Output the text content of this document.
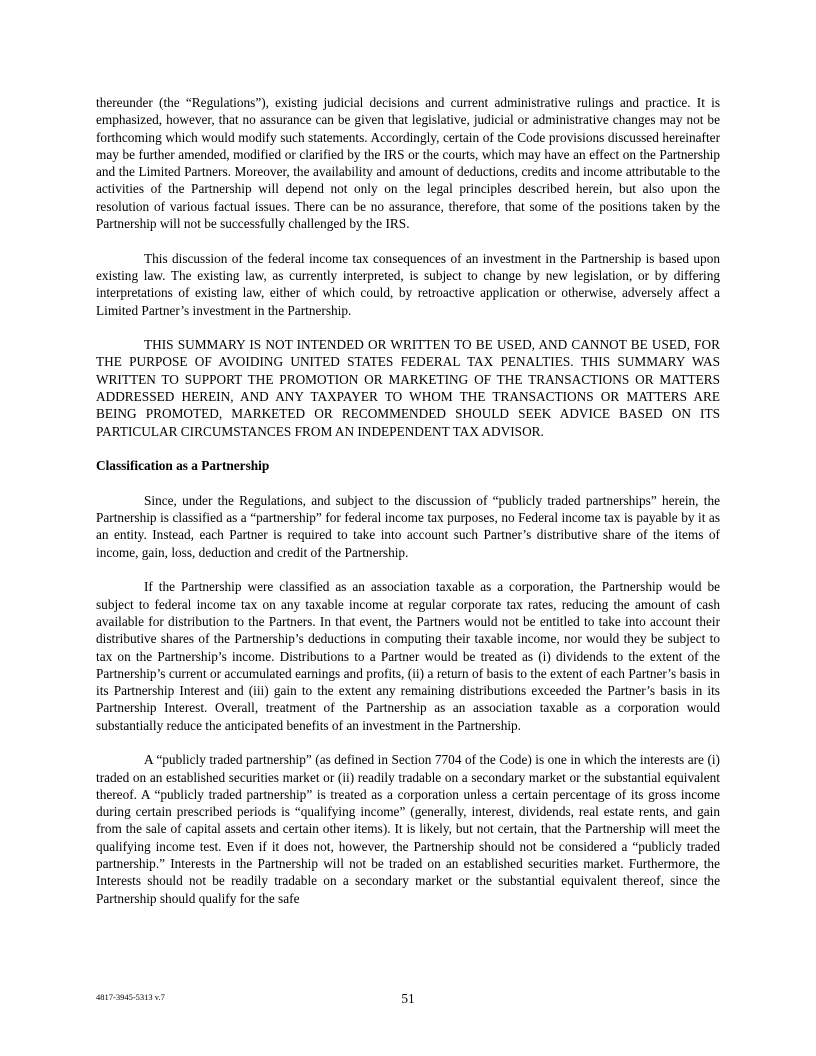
thereunder (the “Regulations”), existing judicial decisions and current administrative rulings and practice. It is emphasized, however, that no assurance can be given that legislative, judicial or administrative changes may not be forthcoming which would modify such statements. Accordingly, certain of the Code provisions discussed hereinafter may be further amended, modified or clarified by the IRS or the courts, which may have an effect on the Partnership and the Limited Partners. Moreover, the availability and amount of deductions, credits and income attributable to the activities of the Partnership will depend not only on the legal principles described herein, but also upon the resolution of various factual issues. There can be no assurance, therefore, that some of the positions taken by the Partnership will not be successfully challenged by the IRS.

This discussion of the federal income tax consequences of an investment in the Partnership is based upon existing law. The existing law, as currently interpreted, is subject to change by new legislation, or by differing interpretations of existing law, either of which could, by retroactive application or otherwise, adversely affect a Limited Partner’s investment in the Partnership.

THIS SUMMARY IS NOT INTENDED OR WRITTEN TO BE USED, AND CANNOT BE USED, FOR THE PURPOSE OF AVOIDING UNITED STATES FEDERAL TAX PENALTIES. THIS SUMMARY WAS WRITTEN TO SUPPORT THE PROMOTION OR MARKETING OF THE TRANSACTIONS OR MATTERS ADDRESSED HEREIN, AND ANY TAXPAYER TO WHOM THE TRANSACTIONS OR MATTERS ARE BEING PROMOTED, MARKETED OR RECOMMENDED SHOULD SEEK ADVICE BASED ON ITS PARTICULAR CIRCUMSTANCES FROM AN INDEPENDENT TAX ADVISOR.

Classification as a Partnership

Since, under the Regulations, and subject to the discussion of “publicly traded partnerships” herein, the Partnership is classified as a “partnership” for federal income tax purposes, no Federal income tax is payable by it as an entity. Instead, each Partner is required to take into account such Partner’s distributive share of the items of income, gain, loss, deduction and credit of the Partnership.

If the Partnership were classified as an association taxable as a corporation, the Partnership would be subject to federal income tax on any taxable income at regular corporate tax rates, reducing the amount of cash available for distribution to the Partners. In that event, the Partners would not be entitled to take into account their distributive shares of the Partnership’s deductions in computing their taxable income, nor would they be subject to tax on the Partnership’s income. Distributions to a Partner would be treated as (i) dividends to the extent of the Partnership’s current or accumulated earnings and profits, (ii) a return of basis to the extent of each Partner’s basis in its Partnership Interest and (iii) gain to the extent any remaining distributions exceeded the Partner’s basis in its Partnership Interest. Overall, treatment of the Partnership as an association taxable as a corporation would substantially reduce the anticipated benefits of an investment in the Partnership.

A “publicly traded partnership” (as defined in Section 7704 of the Code) is one in which the interests are (i) traded on an established securities market or (ii) readily tradable on a secondary market or the substantial equivalent thereof. A “publicly traded partnership” is treated as a corporation unless a certain percentage of its gross income during certain prescribed periods is “qualifying income” (generally, interest, dividends, real estate rents, and gain from the sale of capital assets and certain other items). It is likely, but not certain, that the Partnership will meet the qualifying income test. Even if it does not, however, the Partnership should not be considered a “publicly traded partnership.” Interests in the Partnership will not be traded on an established securities market. Furthermore, the Interests should not be readily tradable on a secondary market or the substantial equivalent thereof, since the Partnership should qualify for the safe

4817-3945-5313 v.7	51
